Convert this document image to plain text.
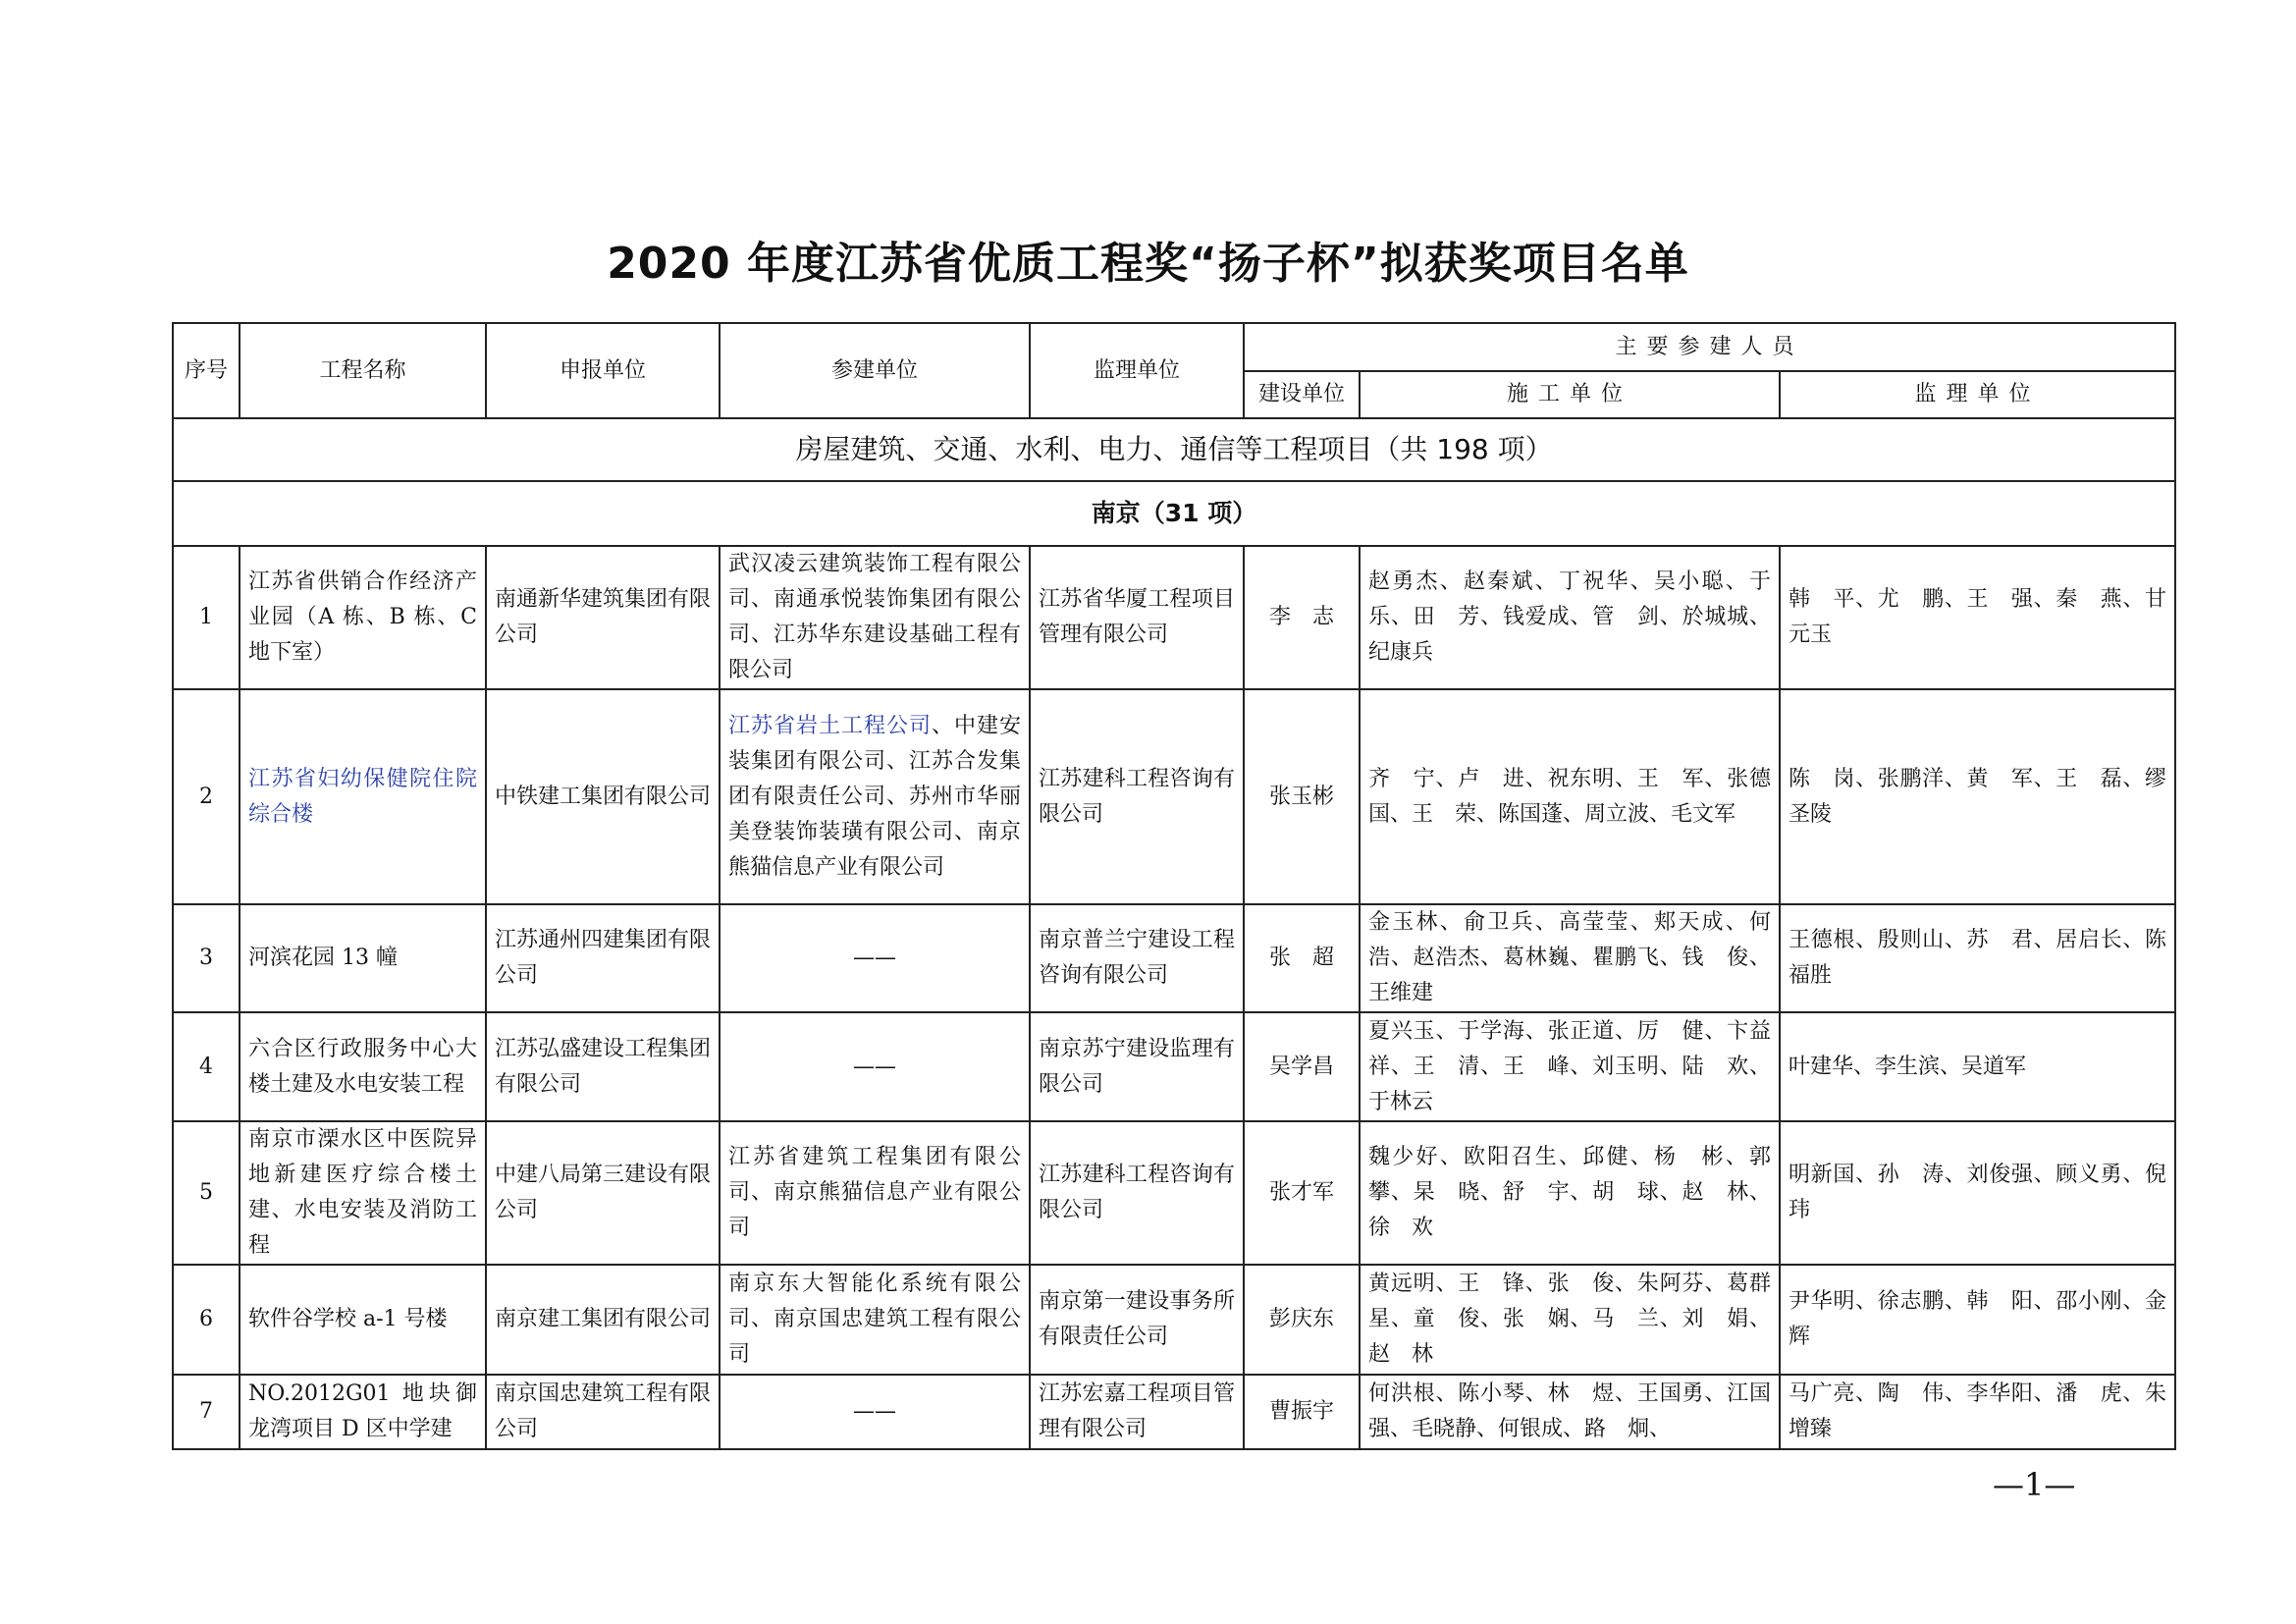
2020 年度江苏省优质工程奖“扬子杯”拟获奖项目名单
序号	工程名称	申报单位	参建单位	监理单位	主要参建人员		
					建设单位	施工单位	监理单位
房屋建筑、交通、水利、电力、通信等工程项目（共 198 项）							
南京（31 项）							
1	江苏省供销合作经济产业园（A 栋、B 栋、C 地下室）	南通新华建筑集团有限公司	武汉凌云建筑装饰工程有限公司、南通承悦装饰集团有限公司、江苏华东建设基础工程有限公司	江苏省华厦工程项目管理有限公司	李　志	赵勇杰、赵秦斌、丁祝华、吴小聪、于　乐、田　芳、钱爱成、管　剑、於城城、纪康兵	韩　平、尤　鹏、王　强、秦　燕、甘元玉
2	江苏省妇幼保健院住院综合楼	中铁建工集团有限公司	江苏省岩土工程公司、中建安装集团有限公司、江苏合发集团有限责任公司、苏州市华丽美登装饰装璜有限公司、南京熊猫信息产业有限公司	江苏建科工程咨询有限公司	张玉彬	齐　宁、卢　进、祝东明、王　军、张德国、王　荣、陈国蓬、周立波、毛文军	陈　岗、张鹏洋、黄　军、王　磊、缪圣陵
3	河滨花园 13 幢	江苏通州四建集团有限公司	——	南京普兰宁建设工程咨询有限公司	张　超	金玉林、俞卫兵、高莹莹、郏天成、何　浩、赵浩杰、葛林巍、瞿鹏飞、钱　俊、王维建	王德根、殷则山、苏　君、居启长、陈福胜
4	六合区行政服务中心大楼土建及水电安装工程	江苏弘盛建设工程集团有限公司	——	南京苏宁建设监理有限公司	吴学昌	夏兴玉、于学海、张正道、厉　健、卞益祥、王　清、王　峰、刘玉明、陆　欢、于林云	叶建华、李生滨、吴道军
5	南京市溧水区中医院异地新建医疗综合楼土建、水电安装及消防工程	中建八局第三建设有限公司	江苏省建筑工程集团有限公司、南京熊猫信息产业有限公司	江苏建科工程咨询有限公司	张才军	魏少好、欧阳召生、邱健、杨　彬、郭　攀、杲　晓、舒　宇、胡　球、赵　林、徐　欢	明新国、孙　涛、刘俊强、顾义勇、倪　玮
6	软件谷学校 a-1 号楼	南京建工集团有限公司	南京东大智能化系统有限公司、南京国忠建筑工程有限公司	南京第一建设事务所有限责任公司	彭庆东	黄远明、王　锋、张　俊、朱阿芬、葛群星、童　俊、张　娴、马　兰、刘　娟、赵　林	尹华明、徐志鹏、韩　阳、邵小刚、金　辉
7	NO.2012G01 地块御龙湾项目 D 区中学建	南京国忠建筑工程有限公司	——	江苏宏嘉工程项目管理有限公司	曹振宇	何洪根、陈小琴、林　煜、王国勇、江国强、毛晓静、何银成、路　炯、	马广亮、陶　伟、李华阳、潘　虎、朱增臻
—1—
